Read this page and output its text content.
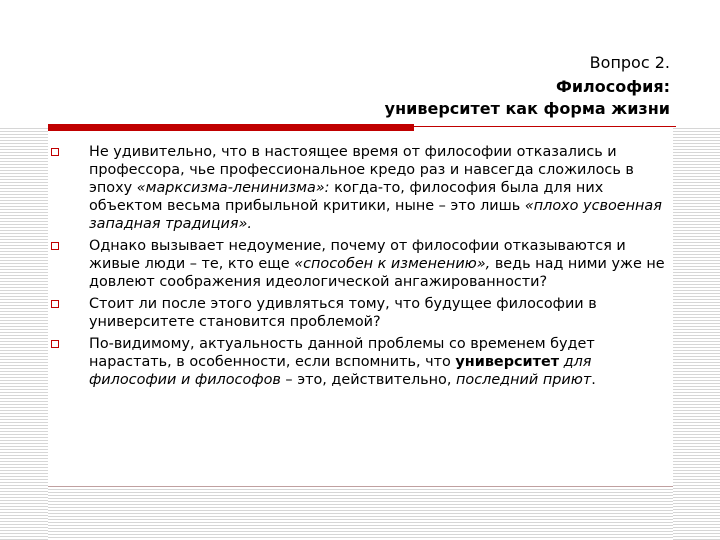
Вопрос 2.
Философия:
университет как форма жизни
Не удивительно, что в настоящее время от философии отказались и профессора, чье профессиональное кредо раз и навсегда сложилось в эпоху «марксизма-ленинизма»: когда-то, философия была для них объектом весьма прибыльной критики, ныне – это лишь «плохо усвоенная западная традиция».
Однако вызывает недоумение, почему от философии отказываются и живые люди – те, кто еще «способен к изменению», ведь над ними уже не довлеют соображения идеологической ангажированности?
Стоит ли после этого удивляться тому, что будущее философии в университете становится проблемой?
По-видимому, актуальность данной проблемы со временем будет нарастать, в особенности, если вспомнить, что университет для философии и философов – это, действительно, последний приют.
